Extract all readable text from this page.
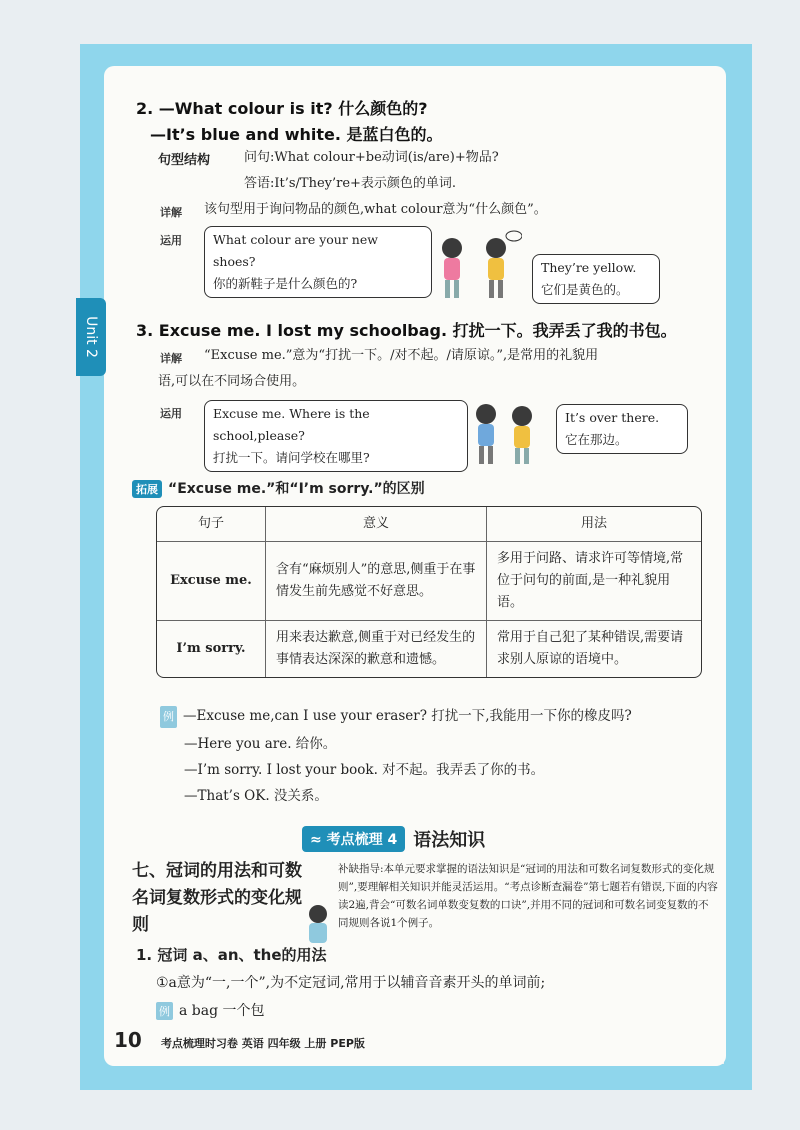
Unit 2
2. —What colour is it? 什么颜色的?
—It’s blue and white. 是蓝白色的。
句型结构	问句:What colour+be动词(is/are)+物品?
答语:It’s/They’re+表示颜色的单词.
详解 该句型用于询问物品的颜色,what colour意为“什么颜色”。
运用 What colour are your new shoes?
你的新鞋子是什么颜色的?
They’re yellow.
它们是黄色的。
3. Excuse me. I lost my schoolbag. 打扰一下。我弄丢了我的书包。
详解 “Excuse me.”意为“打扰一下。/对不起。/请原谅。”,是常用的礼貌用
语,可以在不同场合使用。
运用 Excuse me. Where is the school,please?
打扰一下。请问学校在哪里?
It’s over there.
它在那边。
拓展 “Excuse me.”和“I’m sorry.”的区别
句子	意义	用法
Excuse me.	含有“麻烦别人”的意思,侧重于在事情发生前先感觉不好意思。	多用于问路、请求许可等情境,常位于问句的前面,是一种礼貌用语。
I’m sorry.	用来表达歉意,侧重于对已经发生的事情表达深深的歉意和遗憾。	常用于自己犯了某种错误,需要请求别人原谅的语境中。
例 —Excuse me,can I use your eraser? 打扰一下,我能用一下你的橡皮吗?
—Here you are. 给你。
—I’m sorry. I lost your book. 对不起。我弄丢了你的书。
—That’s OK. 没关系。
≈ 考点梳理 4 语法知识
七、冠词的用法和可数名词复数形式的变化规则
补缺指导:本单元要求掌握的语法知识是“冠词的用法和可数名词复数形式的变化规则”,要理解相关知识并能灵活运用。“考点诊断查漏卷”第七题若有错误,下面的内容读2遍,背会“可数名词单数变复数的口诀”,并用不同的冠词和可数名词变复数的不同规则各说1个例子。
1. 冠词 a、an、the的用法
①a意为“一,一个”,为不定冠词,常用于以辅音音素开头的单词前;
例 a bag 一个包
10 考点梳理时习卷 英语 四年级 上册 PEP版
